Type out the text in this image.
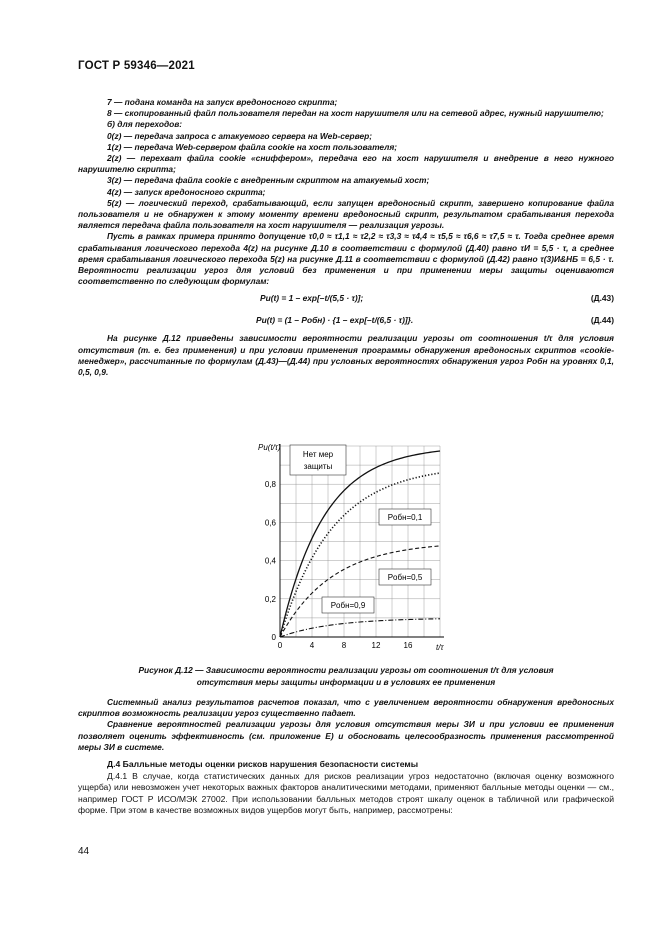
ГОСТ Р 59346—2021

7 — подана команда на запуск вредоносного скрипта;

8 — скопированный файл пользователя передан на хост нарушителя или на сетевой адрес, нужный нарушителю;

б) для переходов:

0(z) — передача запроса с атакуемого сервера на Web-сервер;

1(z) — передача Web-сервером файла cookie на хост пользователя;

2(z) — перехват файла cookie «сниффером», передача его на хост нарушителя и внедрение в него нужного нарушителю скрипта;

3(z) — передача файла cookie с внедренным скриптом на атакуемый хост;

4(z) — запуск вредоносного скрипта;

5(z) — логический переход, срабатывающий, если запущен вредоносный скрипт, завершено копирование файла пользователя и не обнаружен к этому моменту времени вредоносный скрипт, результатом срабатывания перехода является передача файла пользователя на хост нарушителя — реализация угрозы.

Пусть в рамках примера принято допущение τ0,0 ≈ τ1,1 ≈ τ2,2 ≈ τ3,3 ≈ τ4,4 ≈ τ5,5 ≈ τ6,6 ≈ τ7,5 ≈ τ. Тогда среднее время срабатывания логического перехода 4(z) на рисунке Д.10 в соответствии с формулой (Д.40) равно τИ = 5,5 · τ, а среднее время срабатывания логического перехода 5(z) на рисунке Д.11 в соответствии с формулой (Д.42) равно τ(3)И&НБ = 6,5 · τ. Вероятности реализации угроз для условий без применения и при применении меры защиты оцениваются соответственно по следующим формулам:

Pu(t) = 1 – exp[–t/(5,5 · τ)];	(Д.43)
Pu(t) = (1 – Pобн) · {1 – exp[–t/(6,5 · τ)]}.	(Д.44)

На рисунке Д.12 приведены зависимости вероятности реализации угрозы от соотношения t/τ для условия отсутствия (т. е. без применения) и при условии применения программы обнаружения вредоносных скриптов «cookie-менеджер», рассчитанные по формулам (Д.43)—(Д.44) при условных вероятностях обнаружения угроз Pобн на уровнях 0,1, 0,5, 0,9.

0	4	8	12	16
0
0,2
0,4
0,6
0,8
Pu(t/τ)
t/τ
Нет мер
защиты
Pобн=0,1
Pобн=0,5
Pобн=0,9
Рисунок Д.12 — Зависимости вероятности реализации угрозы от соотношения t/τ для условия
отсутствия меры защиты информации и в условиях ее применения

Системный анализ результатов расчетов показал, что с увеличением вероятности обнаружения вредоносных скриптов возможность реализации угроз существенно падает.

Сравнение вероятностей реализации угрозы для условия отсутствия меры ЗИ и при условии ее применения позволяет оценить эффективность (см. приложение Е) и обосновать целесообразность применения рассмотренной меры ЗИ в системе.

Д.4 Балльные методы оценки рисков нарушения безопасности системы

Д.4.1 В случае, когда статистических данных для рисков реализации угроз недостаточно (включая оценку возможного ущерба) или невозможен учет некоторых важных факторов аналитическими методами, применяют балльные методы оценки — см., например ГОСТ Р ИСО/МЭК 27002. При использовании балльных методов строят шкалу оценок в табличной или графической форме. При этом в качестве возможных видов ущербов могут быть, например, рассмотрены:

44
